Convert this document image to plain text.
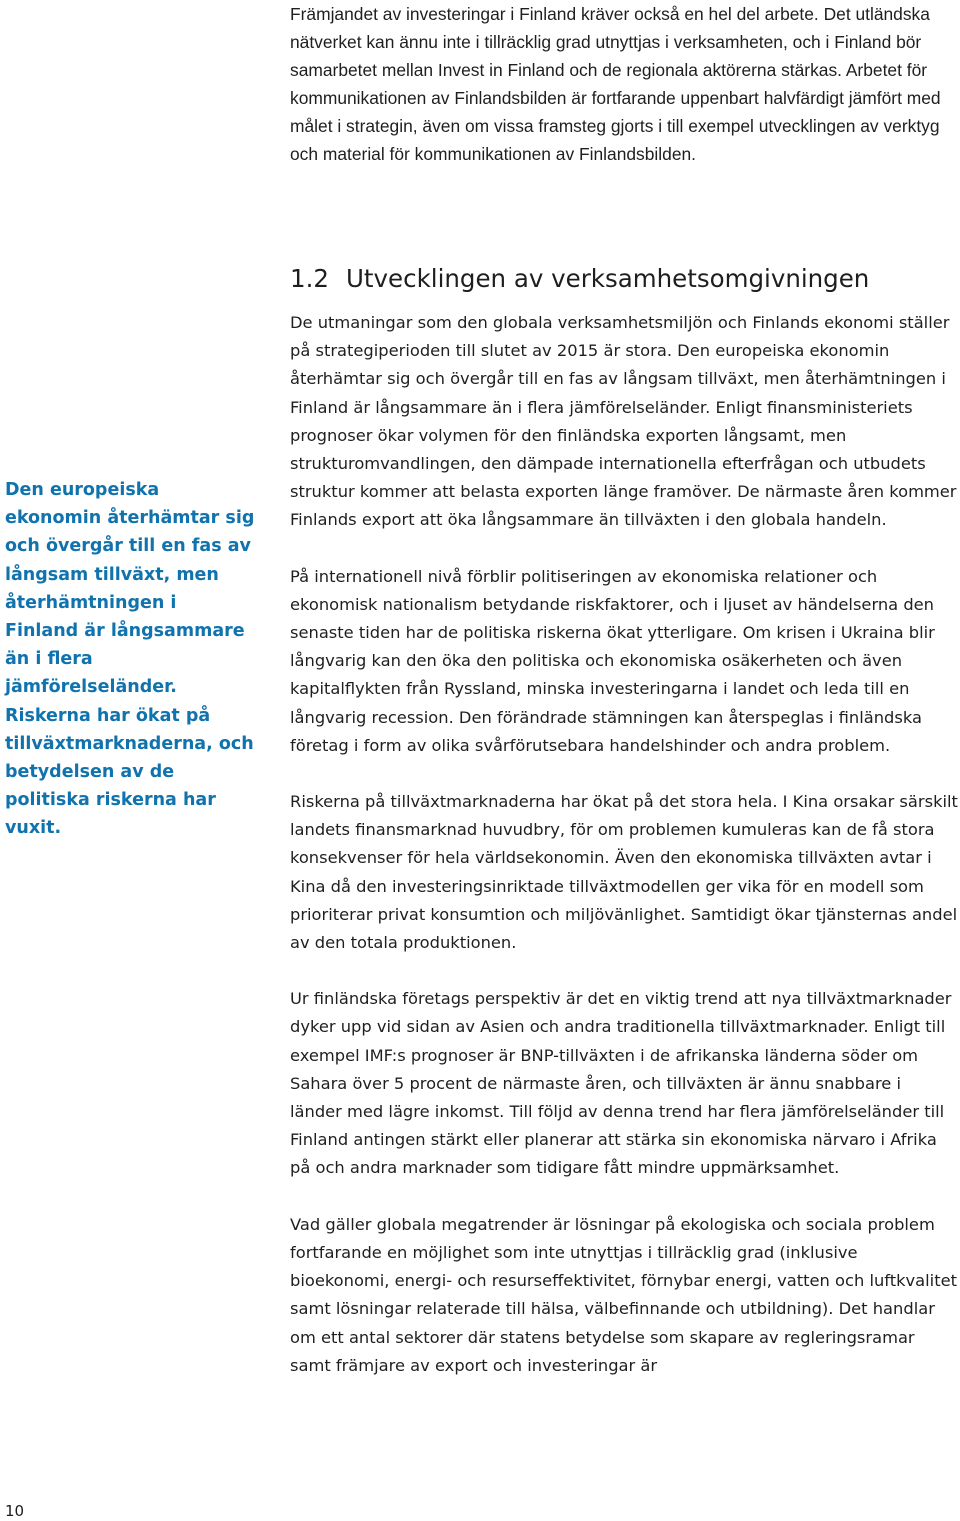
Främjandet av investeringar i Finland kräver också en hel del arbete. Det utländska nätverket kan ännu inte i tillräcklig grad utnyttjas i verksamheten, och i Finland bör samarbetet mellan Invest in Finland och de regionala aktörerna stärkas. Arbetet för kommunikationen av Finlandsbilden är fortfarande uppenbart halvfärdigt jämfört med målet i strategin, även om vissa framsteg gjorts i till exempel utvecklingen av verktyg och material för kommunikationen av Finlandsbilden.

1.2 Utvecklingen av verksamhetsomgivningen

De utmaningar som den globala verksamhetsmiljön och Finlands ekonomi ställer på strategiperioden till slutet av 2015 är stora. Den europeiska ekonomin återhämtar sig och övergår till en fas av långsam tillväxt, men återhämtningen i Finland är långsammare än i flera jämförelseländer. Enligt finansministeriets prognoser ökar volymen för den finländska exporten långsamt, men strukturomvandlingen, den dämpade internationella efterfrågan och utbudets struktur kommer att belasta exporten länge framöver. De närmaste åren kommer Finlands export att öka långsammare än tillväxten i den globala handeln.

På internationell nivå förblir politiseringen av ekonomiska relationer och ekonomisk nationalism betydande riskfaktorer, och i ljuset av händelserna den senaste tiden har de politiska riskerna ökat ytterligare. Om krisen i Ukraina blir långvarig kan den öka den politiska och ekonomiska osäkerheten och även kapitalflykten från Ryssland, minska investeringarna i landet och leda till en långvarig recession. Den förändrade stämningen kan återspeglas i finländska företag i form av olika svårförutsebara handelshinder och andra problem.

Riskerna på tillväxtmarknaderna har ökat på det stora hela. I Kina orsakar särskilt landets finansmarknad huvudbry, för om problemen kumuleras kan de få stora konsekvenser för hela världsekonomin. Även den ekonomiska tillväxten avtar i Kina då den investeringsinriktade tillväxtmodellen ger vika för en modell som prioriterar privat konsumtion och miljövänlighet. Samtidigt ökar tjänsternas andel av den totala produktionen.

Ur finländska företags perspektiv är det en viktig trend att nya tillväxtmarknader dyker upp vid sidan av Asien och andra traditionella tillväxtmarknader. Enligt till exempel IMF:s prognoser är BNP-tillväxten i de afrikanska länderna söder om Sahara över 5 procent de närmaste åren, och tillväxten är ännu snabbare i länder med lägre inkomst. Till följd av denna trend har flera jämförelseländer till Finland antingen stärkt eller planerar att stärka sin ekonomiska närvaro i Afrika på och andra marknader som tidigare fått mindre uppmärksamhet.

Vad gäller globala megatrender är lösningar på ekologiska och sociala problem fortfarande en möjlighet som inte utnyttjas i tillräcklig grad (inklusive bioekonomi, energi- och resurseffektivitet, förnybar energi, vatten och luftkvalitet samt lösningar relaterade till hälsa, välbefinnande och utbildning). Det handlar om ett antal sektorer där statens betydelse som skapare av regleringsramar samt främjare av export och investeringar är

Den europeiska ekonomin återhämtar sig och övergår till en fas av långsam tillväxt, men återhämtningen i Finland är långsammare än i flera jämförelseländer. Riskerna har ökat på tillväxtmarknaderna, och betydelsen av de politiska riskerna har vuxit.

10
